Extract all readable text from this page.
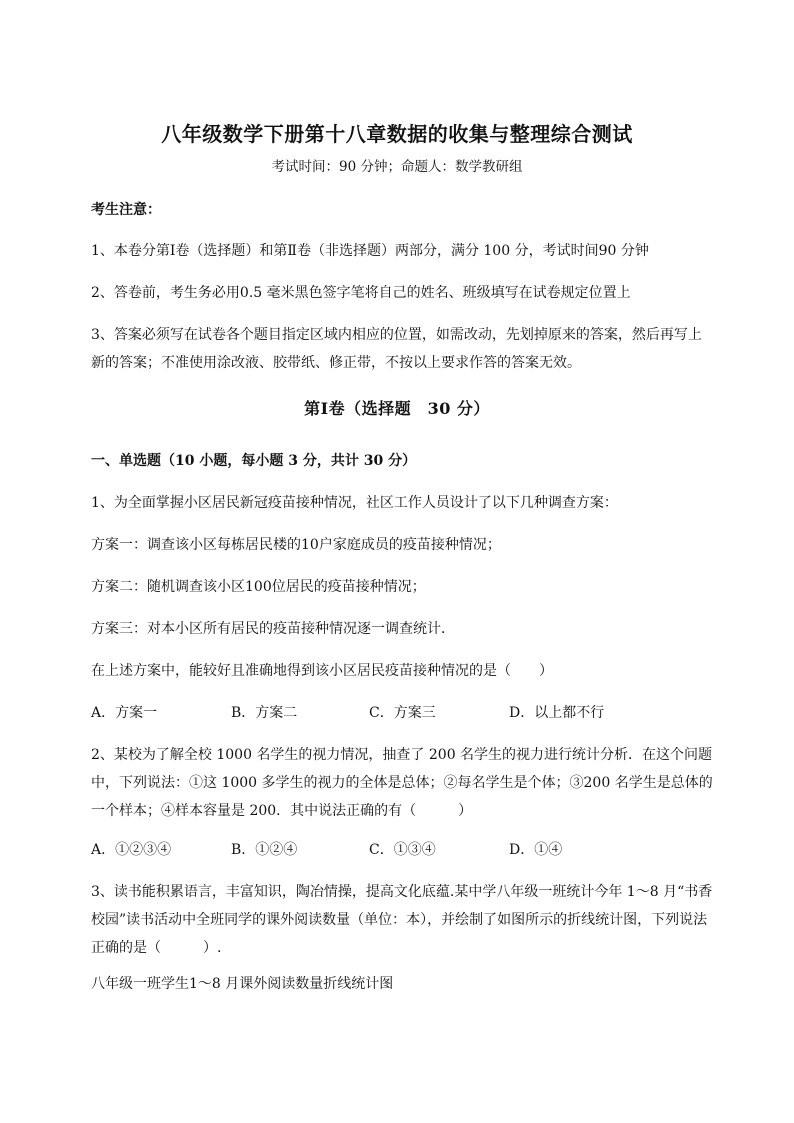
八年级数学下册第十八章数据的收集与整理综合测试
考试时间：90 分钟；命题人：数学教研组
考生注意：
1、本卷分第Ⅰ卷（选择题）和第Ⅱ卷（非选择题）两部分，满分 100 分，考试时间90 分钟
2、答卷前，考生务必用0.5 毫米黑色签字笔将自己的姓名、班级填写在试卷规定位置上
3、答案必须写在试卷各个题目指定区域内相应的位置，如需改动，先划掉原来的答案，然后再写上新的答案；不准使用涂改液、胶带纸、修正带，不按以上要求作答的答案无效。
第Ⅰ卷（选择题　30 分）
一、单选题（10 小题，每小题 3 分，共计 30 分）
1、为全面掌握小区居民新冠疫苗接种情况，社区工作人员设计了以下几种调查方案：
方案一：调查该小区每栋居民楼的10户家庭成员的疫苗接种情况；
方案二：随机调查该小区100位居民的疫苗接种情况；
方案三：对本小区所有居民的疫苗接种情况逐一调查统计．
在上述方案中，能较好且准确地得到该小区居民疫苗接种情况的是（　　）
A．方案一	B．方案二	C．方案三	D．以上都不行
2、某校为了解全校 1000 名学生的视力情况，抽查了 200 名学生的视力进行统计分析．在这个问题中，下列说法：①这 1000 多学生的视力的全体是总体；②每名学生是个体；③200 名学生是总体的一个样本；④样本容量是 200．其中说法正确的有（　　　）
A．①②③④	B．①②④	C．①③④	D．①④
3、读书能积累语言，丰富知识，陶冶情操，提高文化底蕴.某中学八年级一班统计今年 1～8 月“书香校园”读书活动中全班同学的课外阅读数量（单位：本），并绘制了如图所示的折线统计图，下列说法正确的是（　　　）.
八年级一班学生1～8 月课外阅读数量折线统计图
